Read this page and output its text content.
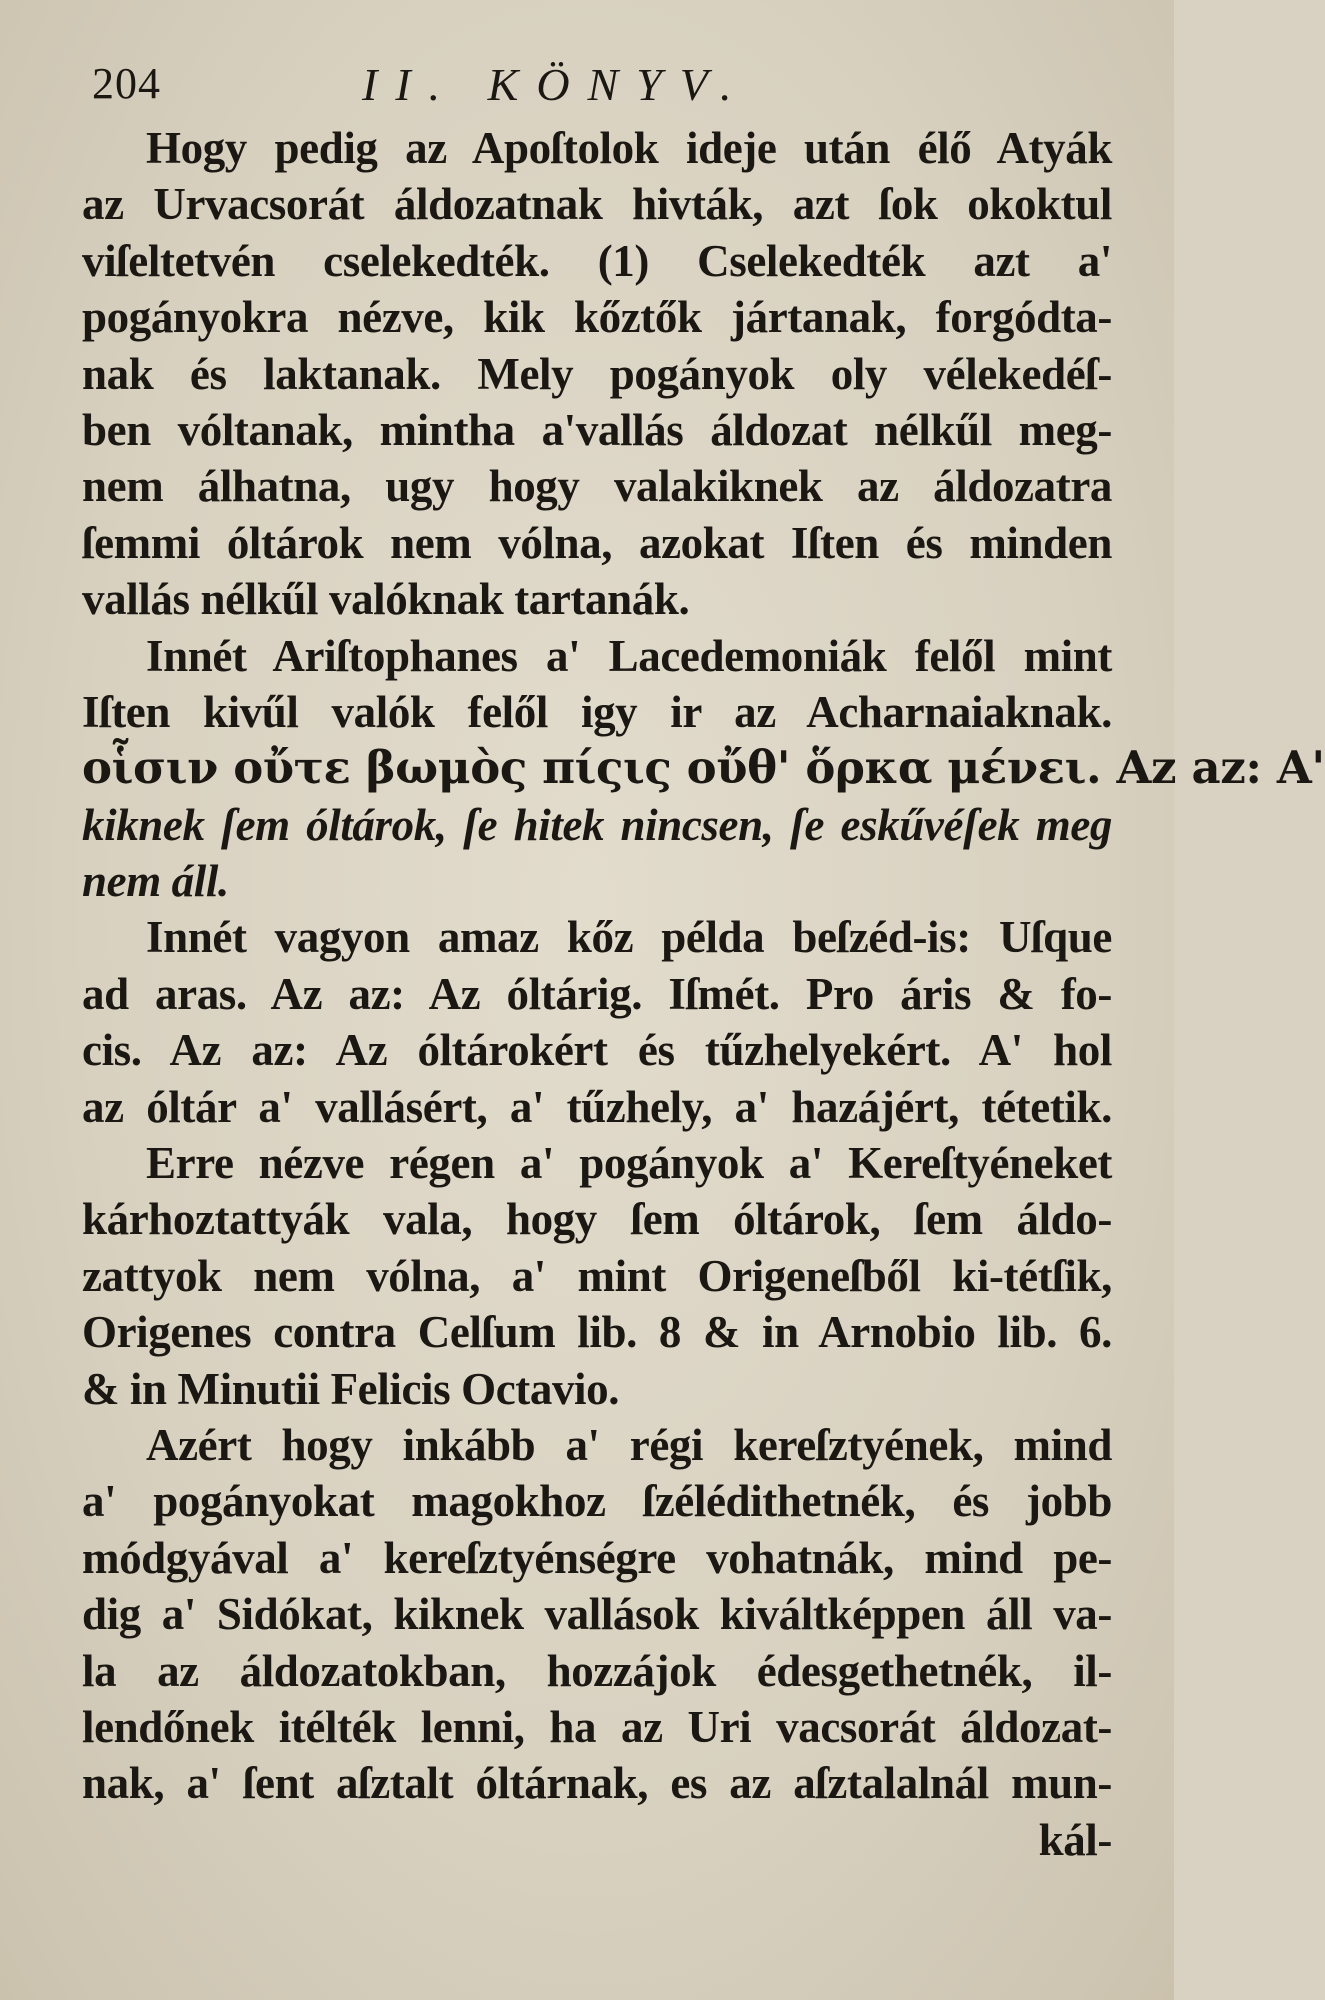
204	II. KÖNYV.
Hogy pedig az Apoſtolok ideje után élő Atyák
az Urvacsorát áldozatnak hivták, azt ſok okoktul
viſeltetvén cselekedték. (1) Cselekedték azt a'
pogányokra nézve, kik kőztők jártanak, forgódta-
nak és laktanak. Mely pogányok oly vélekedéſ-
ben vóltanak, mintha a'vallás áldozat nélkűl meg-
nem álhatna, ugy hogy valakiknek az áldozatra
ſemmi óltárok nem vólna, azokat Iſten és minden
vallás nélkűl valóknak tartanák.
Innét Ariſtophanes a' Lacedemoniák felől mint
Iſten kivűl valók felől igy ir az Acharnaiaknak.
οἷσιν οὔτε βωμὸς πίςις οὔθ' ὅρκα μένει. Az az: A'
kiknek ſem óltárok, ſe hitek nincsen, ſe eskűvéſek meg
nem áll.
Innét vagyon amaz kőz példa beſzéd-is: Uſque
ad aras. Az az: Az óltárig. Iſmét. Pro áris & fo-
cis. Az az: Az óltárokért és tűzhelyekért. A' hol
az óltár a' vallásért, a' tűzhely, a' hazájért, tétetik.
Erre nézve régen a' pogányok a' Kereſtyéneket
kárhoztattyák vala, hogy ſem óltárok, ſem áldo-
zattyok nem vólna, a' mint Origeneſből ki-tétſik,
Origenes contra Celſum lib. 8 & in Arnobio lib. 6.
& in Minutii Felicis Octavio.
Azért hogy inkább a' régi kereſztyének, mind
a' pogányokat magokhoz ſzélédithetnék, és jobb
módgyával a' kereſztyénségre vohatnák, mind pe-
dig a' Sidókat, kiknek vallások kiváltképpen áll va-
la az áldozatokban, hozzájok édesgethetnék, il-
lendőnek itélték lenni, ha az Uri vacsorát áldozat-
nak, a' ſent aſztalt óltárnak, es az aſztalalnál mun-
kál-
